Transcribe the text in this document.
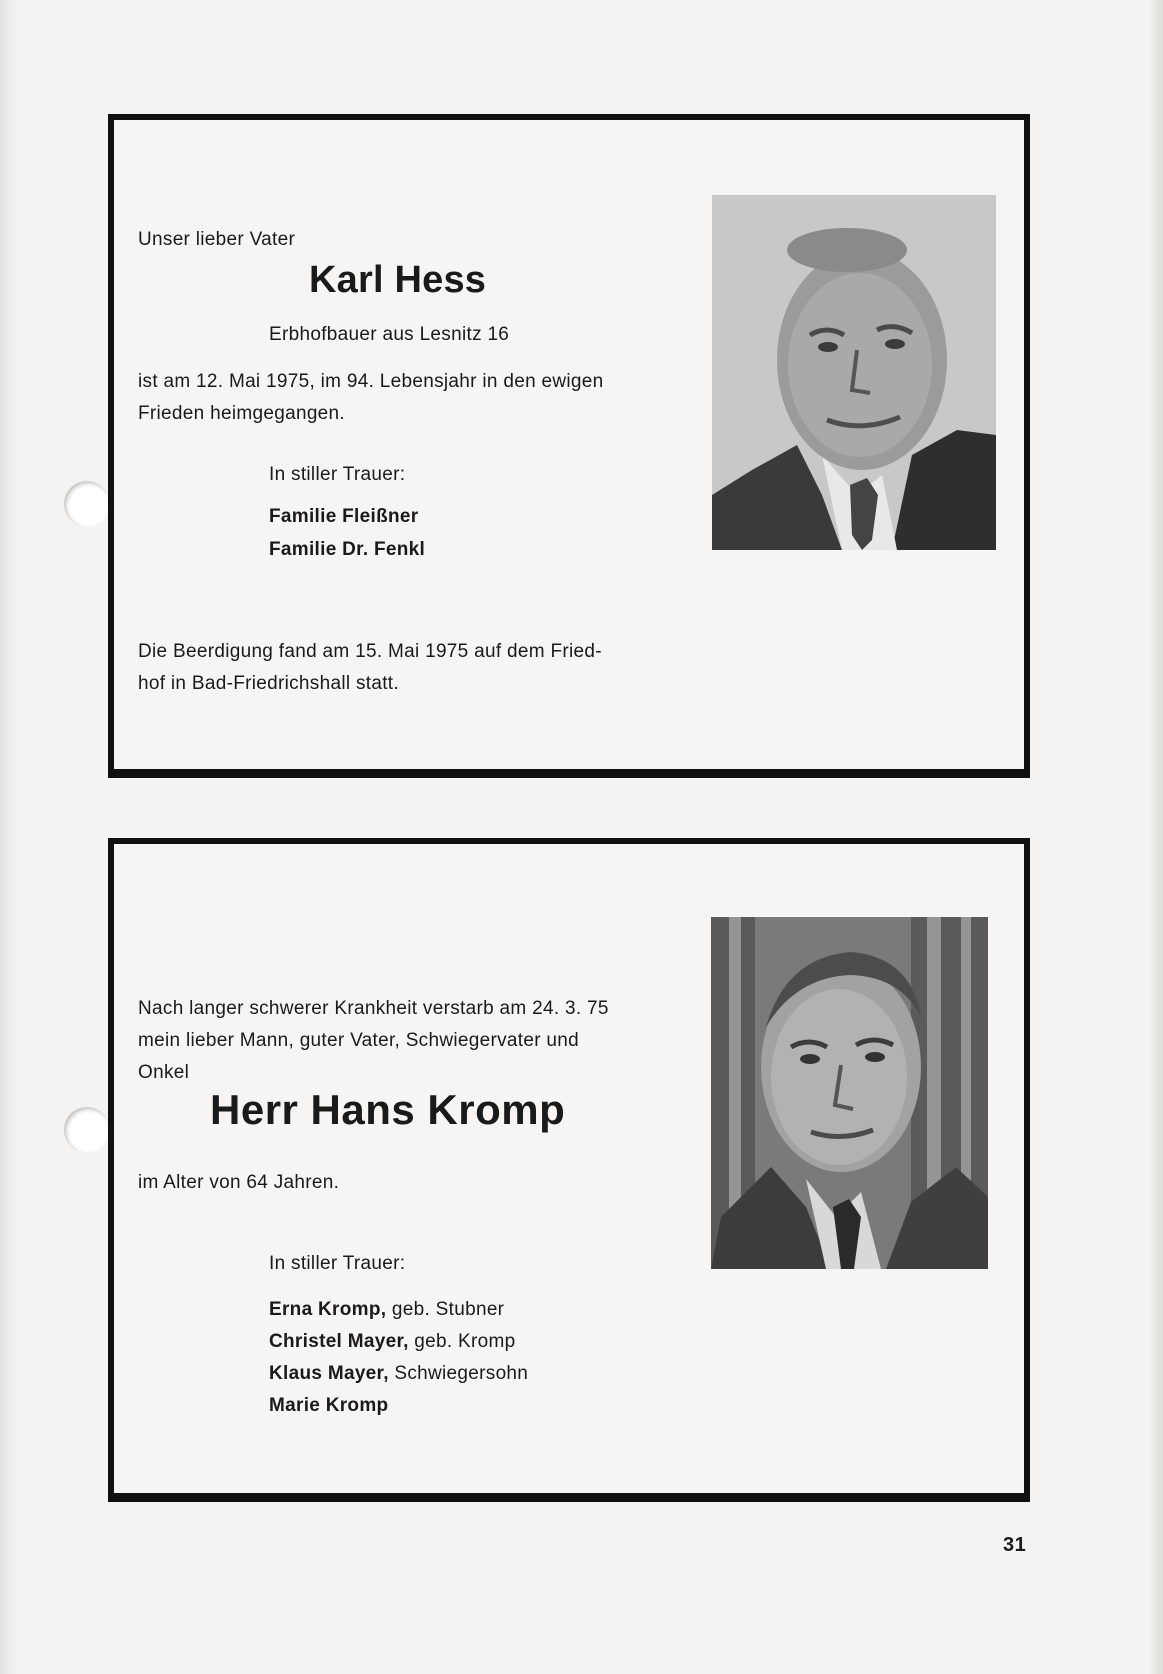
Unser lieber Vater
Karl Hess
Erbhofbauer aus Lesnitz 16
ist am 12. Mai 1975, im 94. Lebensjahr in den ewigen
Frieden heimgegangen.
In stiller Trauer:
Familie Fleißner
Familie Dr. Fenkl
Die Beerdigung fand am 15. Mai 1975 auf dem Fried-
hof in Bad-Friedrichshall statt.
Nach langer schwerer Krankheit verstarb am 24. 3. 75
mein lieber Mann, guter Vater, Schwiegervater und
Onkel
Herr Hans Kromp
im Alter von 64 Jahren.
In stiller Trauer:
Erna Kromp, geb. Stubner
Christel Mayer, geb. Kromp
Klaus Mayer, Schwiegersohn
Marie Kromp
31
